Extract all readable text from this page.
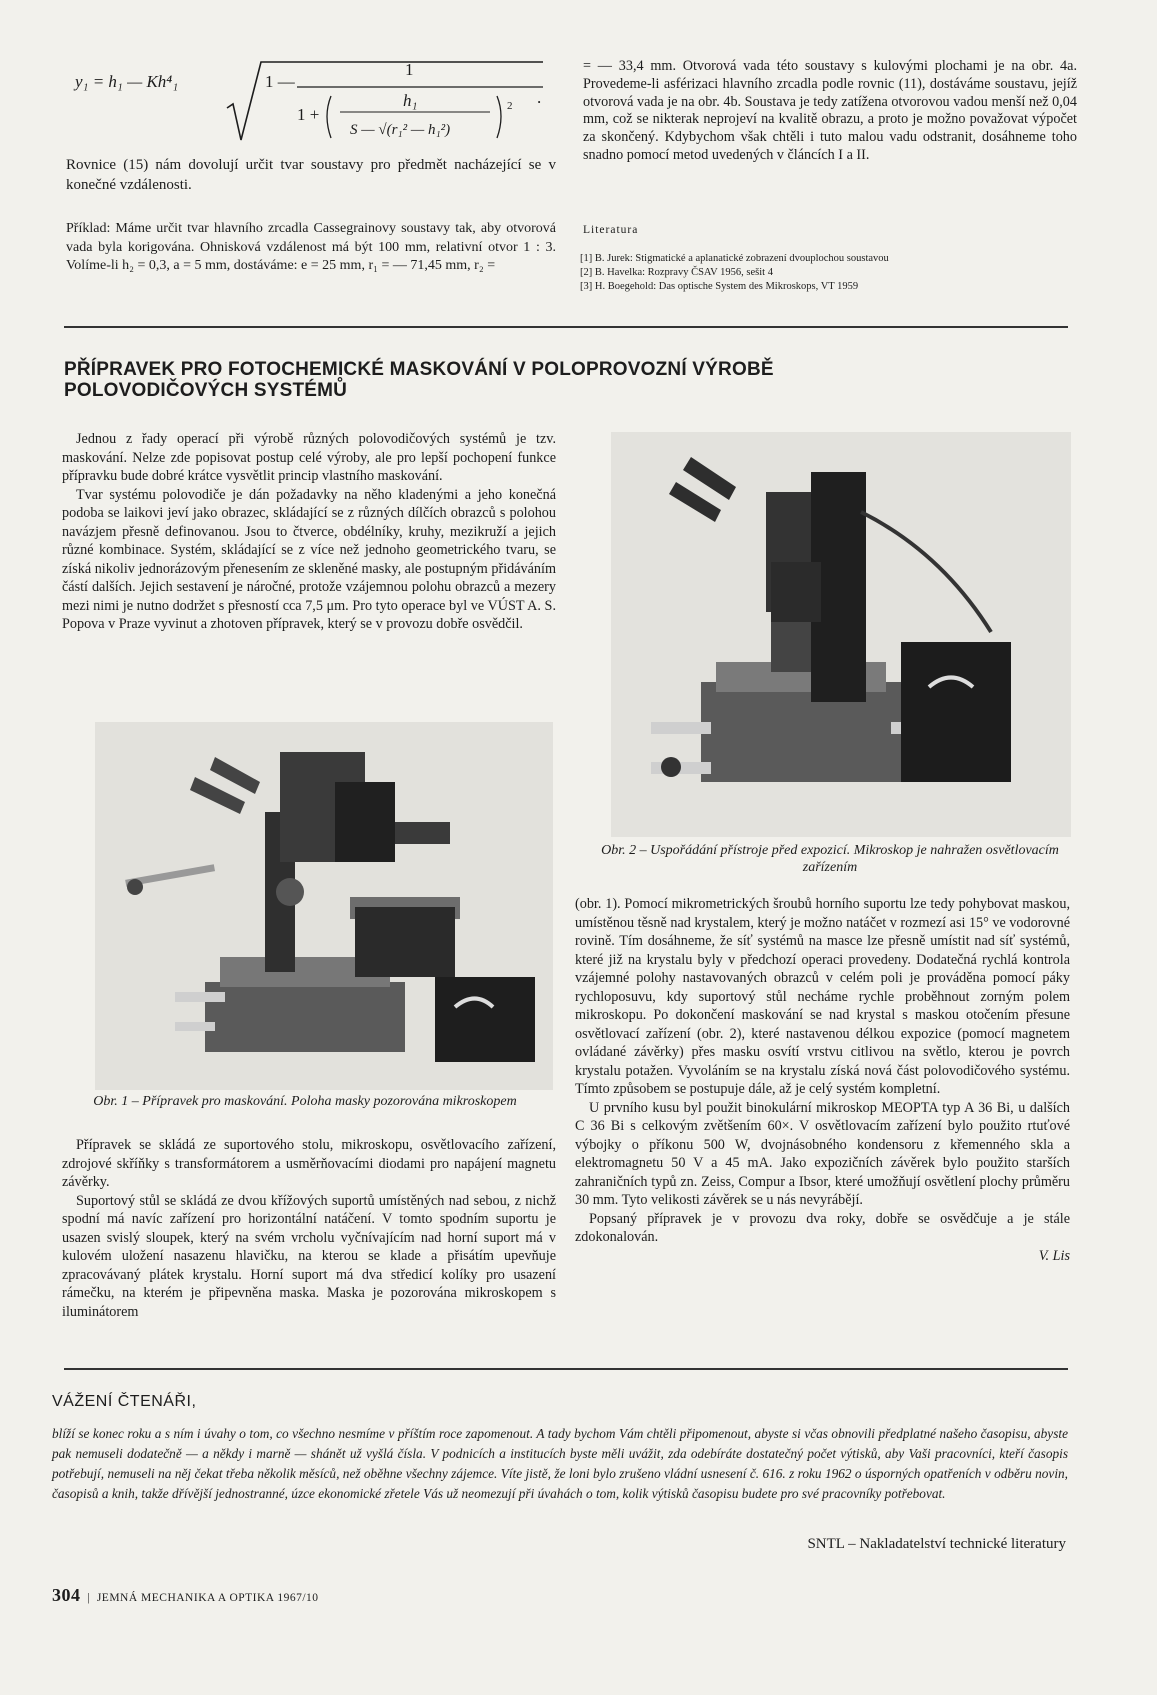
y₁ = h₁ — Kh⁴₁	1 —
1
1 +
h₁
S — √(r₁² — h₁²)
2 .

Rovnice (15) nám dovolují určit tvar soustavy pro předmět nacházející se v konečné vzdálenosti.

Příklad: Máme určit tvar hlavního zrcadla Cassegrainovy soustavy tak, aby otvorová vada byla korigována. Ohnisková vzdálenost má být 100 mm, relativní otvor 1 : 3. Volíme-li h₂ = 0,3, a = 5 mm, dostáváme: e = 25 mm, r₁ = — 71,45 mm, r₂ =

= — 33,4 mm. Otvorová vada této soustavy s kulovými plochami je na obr. 4a. Provedeme-li asférizaci hlavního zrcadla podle rovnic (11), dostáváme soustavu, jejíž otvorová vada je na obr. 4b. Soustava je tedy zatížena otvorovou vadou menší než 0,04 mm, což se nikterak neprojeví na kvalitě obrazu, a proto je možno považovat výpočet za skončený. Kdybychom však chtěli i tuto malou vadu odstranit, dosáhneme toho snadno pomocí metod uvedených v článcích I a II.

Literatura
[1] B. Jurek: Stigmatické a aplanatické zobrazení dvouplochou soustavou
[2] B. Havelka: Rozpravy ČSAV 1956, sešit 4
[3] H. Boegehold: Das optische System des Mikroskops, VT 1959
PŘÍPRAVEK PRO FOTOCHEMICKÉ MASKOVÁNÍ V POLOPROVOZNÍ VÝROBĚ
POLOVODIČOVÝCH SYSTÉMŮ

Jednou z řady operací při výrobě různých polovodičových systémů je tzv. maskování. Nelze zde popisovat postup celé výroby, ale pro lepší pochopení funkce přípravku bude dobré krátce vysvětlit princip vlastního maskování.

Tvar systému polovodiče je dán požadavky na něho kladenými a jeho konečná podoba se laikovi jeví jako obrazec, skládající se z různých dílčích obrazců s polohou navázjem přesně definovanou. Jsou to čtverce, obdélníky, kruhy, mezikruží a jejich různé kombinace. Systém, skládající se z více než jednoho geometrického tvaru, se získá nikoliv jednorázovým přenesením ze skleněné masky, ale postupným přidáváním částí dalších. Jejich sestavení je náročné, protože vzájemnou polohu obrazců a mezery mezi nimi je nutno dodržet s přesností cca 7,5 μm. Pro tyto operace byl ve VÚST A. S. Popova v Praze vyvinut a zhotoven přípravek, který se v provozu dobře osvědčil.

Obr. 1 – Přípravek pro maskování. Poloha masky pozorována mikroskopem

Přípravek se skládá ze suportového stolu, mikroskopu, osvětlovacího zařízení, zdrojové skříňky s transformátorem a usměrňovacími diodami pro napájení magnetu závěrky.

Suportový stůl se skládá ze dvou křížových suportů umístěných nad sebou, z nichž spodní má navíc zařízení pro horizontální natáčení. V tomto spodním suportu je usazen svislý sloupek, který na svém vrcholu vyčnívajícím nad horní suport má v kulovém uložení nasazenu hlavičku, na kterou se klade a přisátím upevňuje zpracovávaný plátek krystalu. Horní suport má dva středicí kolíky pro usazení rámečku, na kterém je připevněna maska. Maska je pozorována mikroskopem s iluminátorem

Obr. 2 – Uspořádání přístroje před expozicí. Mikroskop je nahražen osvětlovacím zařízením

(obr. 1). Pomocí mikrometrických šroubů horního suportu lze tedy pohybovat maskou, umístěnou těsně nad krystalem, který je možno natáčet v rozmezí asi 15° ve vodorovné rovině. Tím dosáhneme, že síť systémů na masce lze přesně umístit nad síť systémů, které již na krystalu byly v předchozí operaci provedeny. Dodatečná rychlá kontrola vzájemné polohy nastavovaných obrazců v celém poli je prováděna pomocí páky rychloposuvu, kdy suportový stůl necháme rychle proběhnout zorným polem mikroskopu. Po dokončení maskování se nad krystal s maskou otočením přesune osvětlovací zařízení (obr. 2), které nastavenou délkou expozice (pomocí magnetem ovládané závěrky) přes masku osvítí vrstvu citlivou na světlo, kterou je povrch krystalu potažen. Vyvoláním se na krystalu získá nová část polovodičového systému. Tímto způsobem se postupuje dále, až je celý systém kompletní.

U prvního kusu byl použit binokulární mikroskop MEOPTA typ A 36 Bi, u dalších C 36 Bi s celkovým zvětšením 60×. V osvětlovacím zařízení bylo použito rtuťové výbojky o příkonu 500 W, dvojnásobného kondensoru z křemenného skla a elektromagnetu 50 V a 45 mA. Jako expozičních závěrek bylo použito starších zahraničních typů zn. Zeiss, Compur a Ibsor, které umožňují osvětlení plochy průměru 30 mm. Tyto velikosti závěrek se u nás nevyrábějí.

Popsaný přípravek je v provozu dva roky, dobře se osvědčuje a je stále zdokonalován.

V. Lis
VÁŽENÍ ČTENÁŘI,
blíží se konec roku a s ním i úvahy o tom, co všechno nesmíme v příštím roce zapomenout. A tady bychom Vám chtěli připomenout, abyste si včas obnovili předplatné našeho časopisu, abyste pak nemuseli dodatečně — a někdy i marně — shánět už vyšlá čísla. V podnicích a institucích byste měli uvážit, zda odebíráte dostatečný počet výtisků, aby Vaši pracovníci, kteří časopis potřebují, nemuseli na něj čekat třeba několik měsíců, než oběhne všechny zájemce. Víte jistě, že loni bylo zrušeno vládní usnesení č. 616. z roku 1962 o úsporných opatřeních v odběru novin, časopisů a knih, takže dřívější jednostranné, úzce ekonomické zřetele Vás už neomezují při úvahách o tom, kolik výtisků časopisu budete pro své pracovníky potřebovat.
SNTL – Nakladatelství technické literatury
304  |  JEMNÁ MECHANIKA A OPTIKA 1967/10
